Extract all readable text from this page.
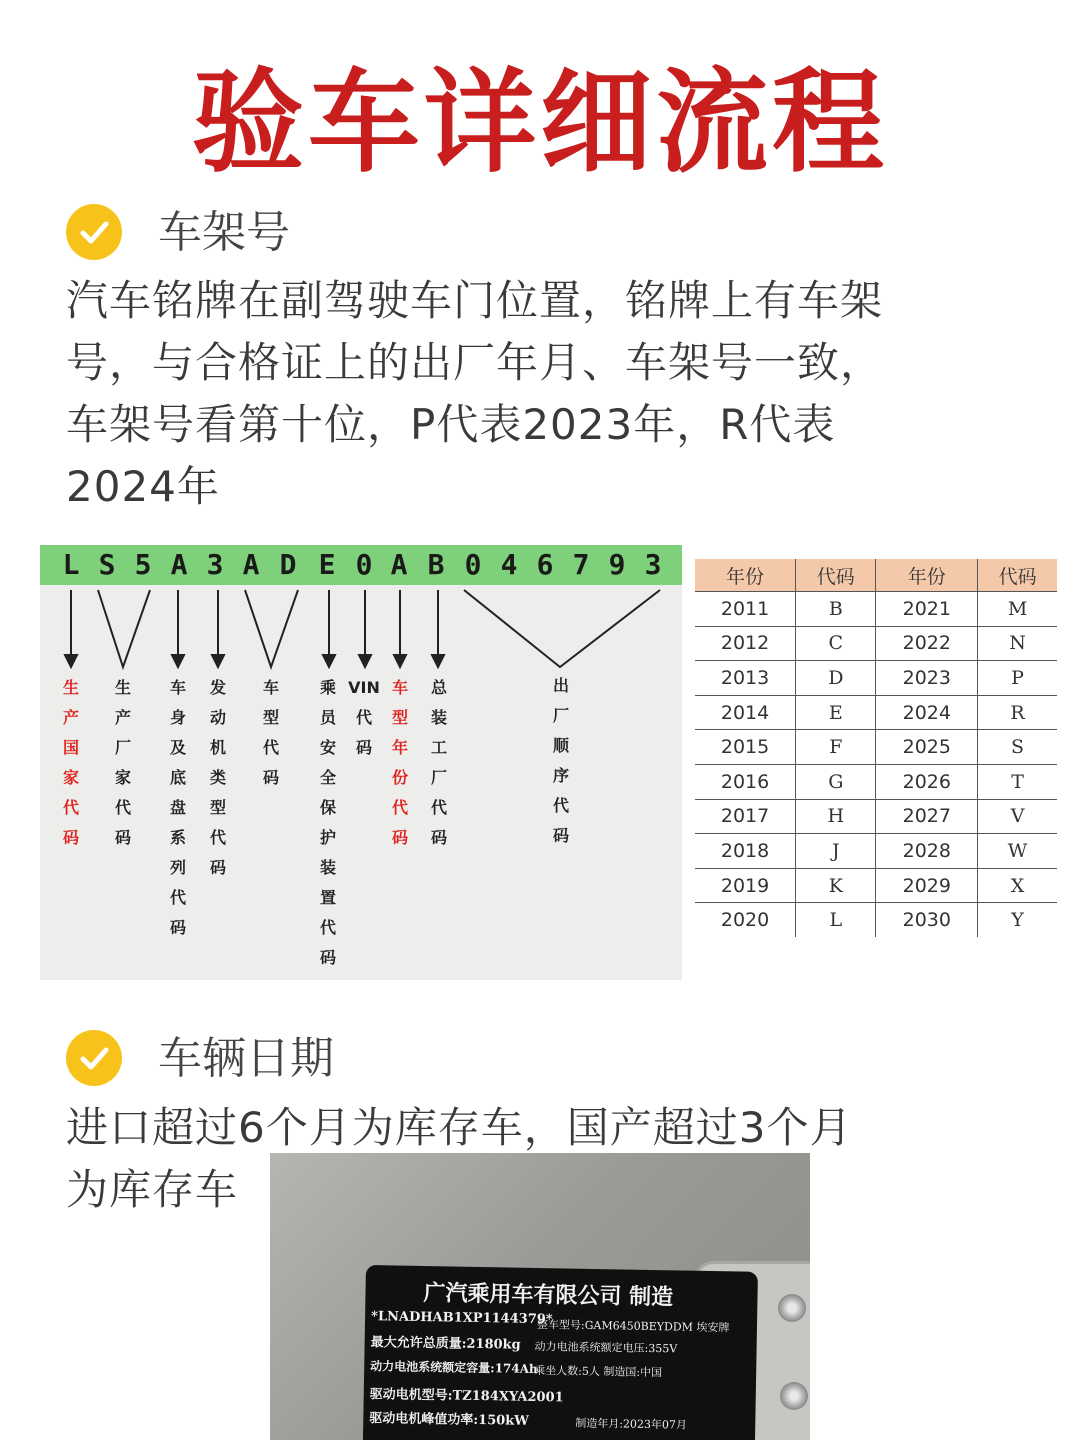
验车详细流程
车架号
汽车铭牌在副驾驶车门位置，铭牌上有车架
号，与合格证上的出厂年月、车架号一致，
车架号看第十位，P代表2023年，R代表
2024年
L S 5 A 3 A D E 0 A B 0 4 6 7 9 3
生
产
国
家
代
码
生
产
厂
家
代
码
车
身
及
底
盘
系
列
代
码
发
动
机
类
型
代
码
车
型
代
码
乘
员
安
全
保
护
装
置
代
码
VIN
代
码
车
型
年
份
代
码
总
装
工
厂
代
码
出
厂
顺
序
代
码
年份	代码	年份	代码
2011	B	2021	M
2012	C	2022	N
2013	D	2023	P
2014	E	2024	R
2015	F	2025	S
2016	G	2026	T
2017	H	2027	V
2018	J	2028	W
2019	K	2029	X
2020	L	2030	Y
车辆日期
进口超过6个月为库存车，国产超过3个月
为库存车
广汽乘用车有限公司 制造
*LNADHAB1XP1144379*
整车型号:GAM6450BEYDDM 埃安牌
最大允许总质量:2180kg 动力电池系统额定电压:355V
动力电池系统额定容量:174Ah
乘坐人数:5人 制造国:中国
驱动电机型号:TZ184XYA2001
驱动电机峰值功率:150kW	制造年月:2023年07月
